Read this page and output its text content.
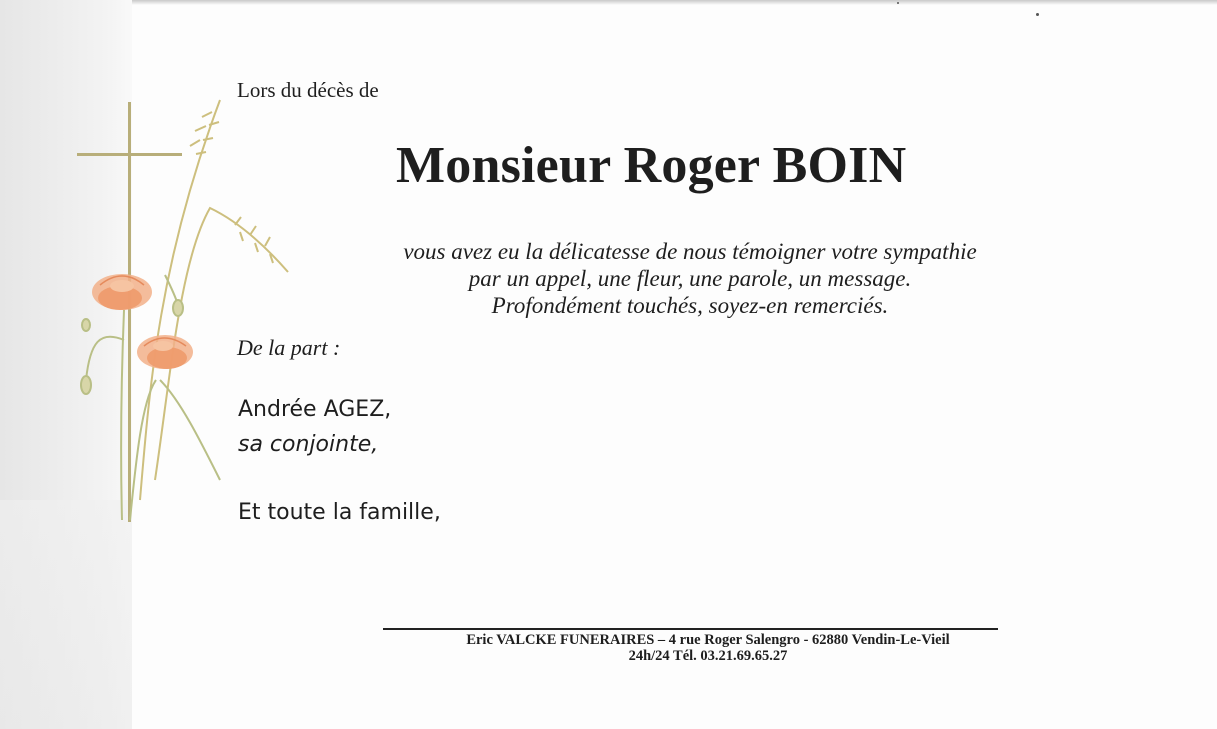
Lors du décès de
Monsieur Roger BOIN
vous avez eu la délicatesse de nous témoigner votre sympathie
par un appel, une fleur, une parole, un message.
Profondément touchés, soyez-en remerciés.
De la part :
Andrée AGEZ,
sa conjointe,
Et toute la famille,
Eric VALCKE FUNERAIRES – 4 rue Roger Salengro - 62880 Vendin-Le-Vieil
24h/24 Tél. 03.21.69.65.27
